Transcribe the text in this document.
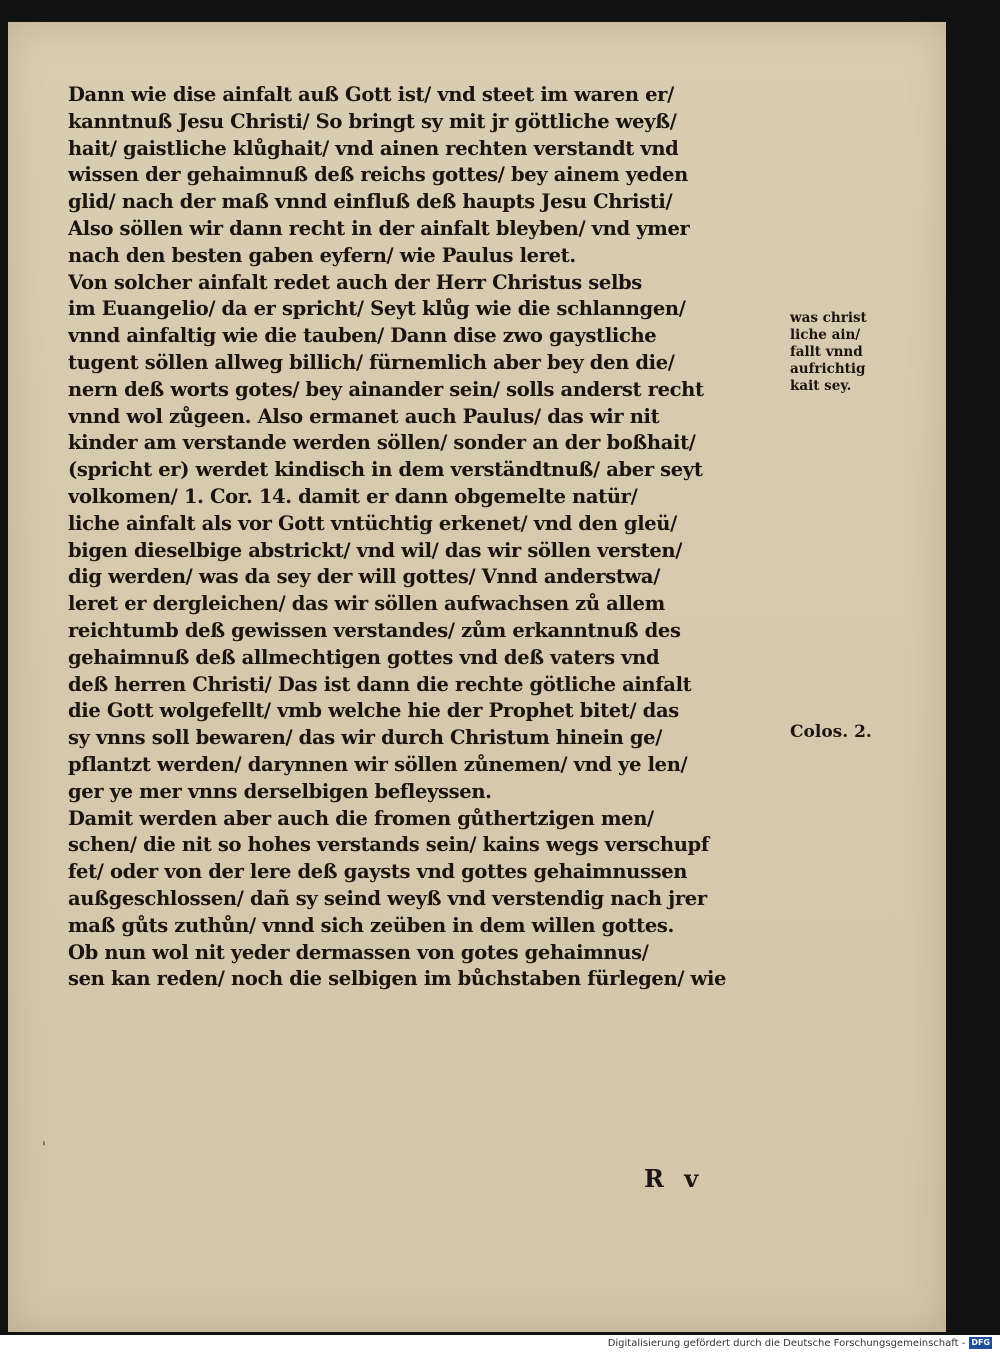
Dann wie dise ainfalt auß Gott ist/ vnd steet im waren er/
kanntnuß Jesu Christi/ So bringt sy mit jr göttliche weyß/
hait/ gaistliche klůghait/ vnd ainen rechten verstandt vnd
wissen der gehaimnuß deß reichs gottes/ bey ainem yeden
glid/ nach der maß vnnd einfluß deß haupts Jesu Christi/
Also söllen wir dann recht in der ainfalt bleyben/ vnd ymer
nach den besten gaben eyfern/ wie Paulus leret.
Von solcher ainfalt redet auch der Herr Christus selbs
im Euangelio/ da er spricht/ Seyt klůg wie die schlanngen/
vnnd ainfaltig wie die tauben/ Dann dise zwo gaystliche
tugent söllen allweg billich/ fürnemlich aber bey den die/
nern deß worts gotes/ bey ainander sein/ solls anderst recht
vnnd wol zůgeen. Also ermanet auch Paulus/ das wir nit
kinder am verstande werden söllen/ sonder an der boßhait/
(spricht er) werdet kindisch in dem verständtnuß/ aber seyt
volkomen/ 1. Cor. 14. damit er dann obgemelte natür/
liche ainfalt als vor Gott vntüchtig erkenet/ vnd den gleü/
bigen dieselbige abstrickt/ vnd wil/ das wir söllen versten/
dig werden/ was da sey der will gottes/ Vnnd anderstwa/
leret er dergleichen/ das wir söllen aufwachsen zů allem
reichtumb deß gewissen verstandes/ zům erkanntnuß des
gehaimnuß deß allmechtigen gottes vnd deß vaters vnd
deß herren Christi/ Das ist dann die rechte götliche ainfalt
die Gott wolgefellt/ vmb welche hie der Prophet bitet/ das
sy vnns soll bewaren/ das wir durch Christum hinein ge/
pflantzt werden/ darynnen wir söllen zůnemen/ vnd ye len/
ger ye mer vnns derselbigen befleyssen.
Damit werden aber auch die fromen gůthertzigen men/
schen/ die nit so hohes verstands sein/ kains wegs verschupf
fet/ oder von der lere deß gaysts vnd gottes gehaimnussen
außgeschlossen/ dañ sy seind weyß vnd verstendig nach jrer
maß gůts zuthůn/ vnnd sich zeüben in dem willen gottes.
Ob nun wol nit yeder dermassen von gotes gehaimnus/
sen kan reden/ noch die selbigen im bůchstaben fürlegen/ wie
was christ
liche ain/
fallt vnnd
aufrichtig
kait sey.
Colos. 2.
R v
'
Digitalisierung gefördert durch die Deutsche Forschungsgemeinschaft - DFG
